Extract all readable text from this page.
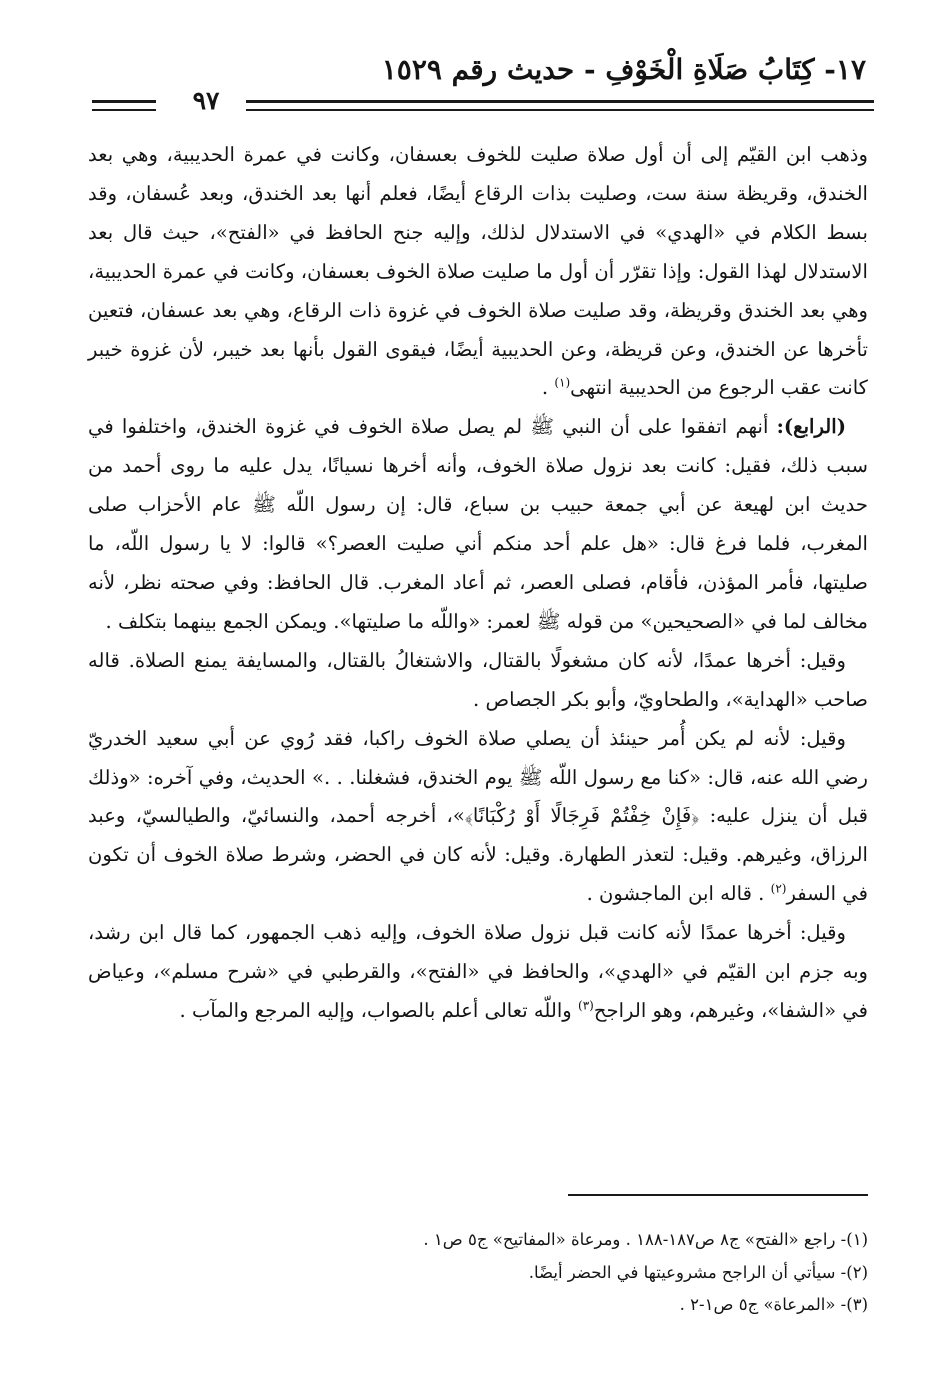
١٧- كِتَابُ صَلَاةِ الْخَوْفِ - حديث رقم ١٥٢٩
٩٧

وذهب ابن القيّم إلى أن أول صلاة صليت للخوف بعسفان، وكانت في عمرة الحديبية، وهي بعد الخندق، وقريظة سنة ست، وصليت بذات الرقاع أيضًا، فعلم أنها بعد الخندق، وبعد عُسفان، وقد بسط الكلام في «الهدي» في الاستدلال لذلك، وإليه جنح الحافظ في «الفتح»، حيث قال بعد الاستدلال لهذا القول: وإذا تقرّر أن أول ما صليت صلاة الخوف بعسفان، وكانت في عمرة الحديبية، وهي بعد الخندق وقريظة، وقد صليت صلاة الخوف في غزوة ذات الرقاع، وهي بعد عسفان، فتعين تأخرها عن الخندق، وعن قريظة، وعن الحديبية أيضًا، فيقوى القول بأنها بعد خيبر، لأن غزوة خيبر كانت عقب الرجوع من الحديبية انتهى$^{(١)}$ .

(الرابع): أنهم اتفقوا على أن النبي ﷺ لم يصل صلاة الخوف في غزوة الخندق، واختلفوا في سبب ذلك، فقيل: كانت بعد نزول صلاة الخوف، وأنه أخرها نسيانًا، يدل عليه ما روى أحمد من حديث ابن لهيعة عن أبي جمعة حبيب بن سباع، قال: إن رسول اللّه ﷺ عام الأحزاب صلى المغرب، فلما فرغ قال: «هل علم أحد منكم أني صليت العصر؟» قالوا: لا يا رسول اللّه، ما صليتها، فأمر المؤذن، فأقام، فصلى العصر، ثم أعاد المغرب. قال الحافظ: وفي صحته نظر، لأنه مخالف لما في «الصحيحين» من قوله ﷺ لعمر: «واللّه ما صليتها». ويمكن الجمع بينهما بتكلف .

وقيل: أخرها عمدًا، لأنه كان مشغولًا بالقتال، والاشتغالُ بالقتال، والمسايفة يمنع الصلاة. قاله صاحب «الهداية»، والطحاويّ، وأبو بكر الجصاص .

وقيل: لأنه لم يكن أُمر حينئذ أن يصلي صلاة الخوف راكبا، فقد رُوي عن أبي سعيد الخدريّ رضي الله عنه، قال: «كنا مع رسول اللّه ﷺ يوم الخندق، فشغلنا. . .» الحديث، وفي آخره: «وذلك قبل أن ينزل عليه: ﴿فَإِنْ خِفْتُمْ فَرِجَالًا أَوْ رُكْبَانًا﴾»، أخرجه أحمد، والنسائيّ، والطيالسيّ، وعبد الرزاق، وغيرهم. وقيل: لتعذر الطهارة. وقيل: لأنه كان في الحضر، وشرط صلاة الخوف أن تكون في السفر$^{(٢)}$ . قاله ابن الماجشون .

وقيل: أخرها عمدًا لأنه كانت قبل نزول صلاة الخوف، وإليه ذهب الجمهور، كما قال ابن رشد، وبه جزم ابن القيّم في «الهدي»، والحافظ في «الفتح»، والقرطبي في «شرح مسلم»، وعياض في «الشفا»، وغيرهم، وهو الراجح$^{(٣)}$ واللّه تعالى أعلم بالصواب، وإليه المرجع والمآب .

(١)- راجع «الفتح» ج٨ ص١٨٧-١٨٨ . ومرعاة «المفاتيح» ج٥ ص١ .
(٢)- سيأتي أن الراجح مشروعيتها في الحضر أيضًا.
(٣)- «المرعاة» ج٥ ص١-٢ .
